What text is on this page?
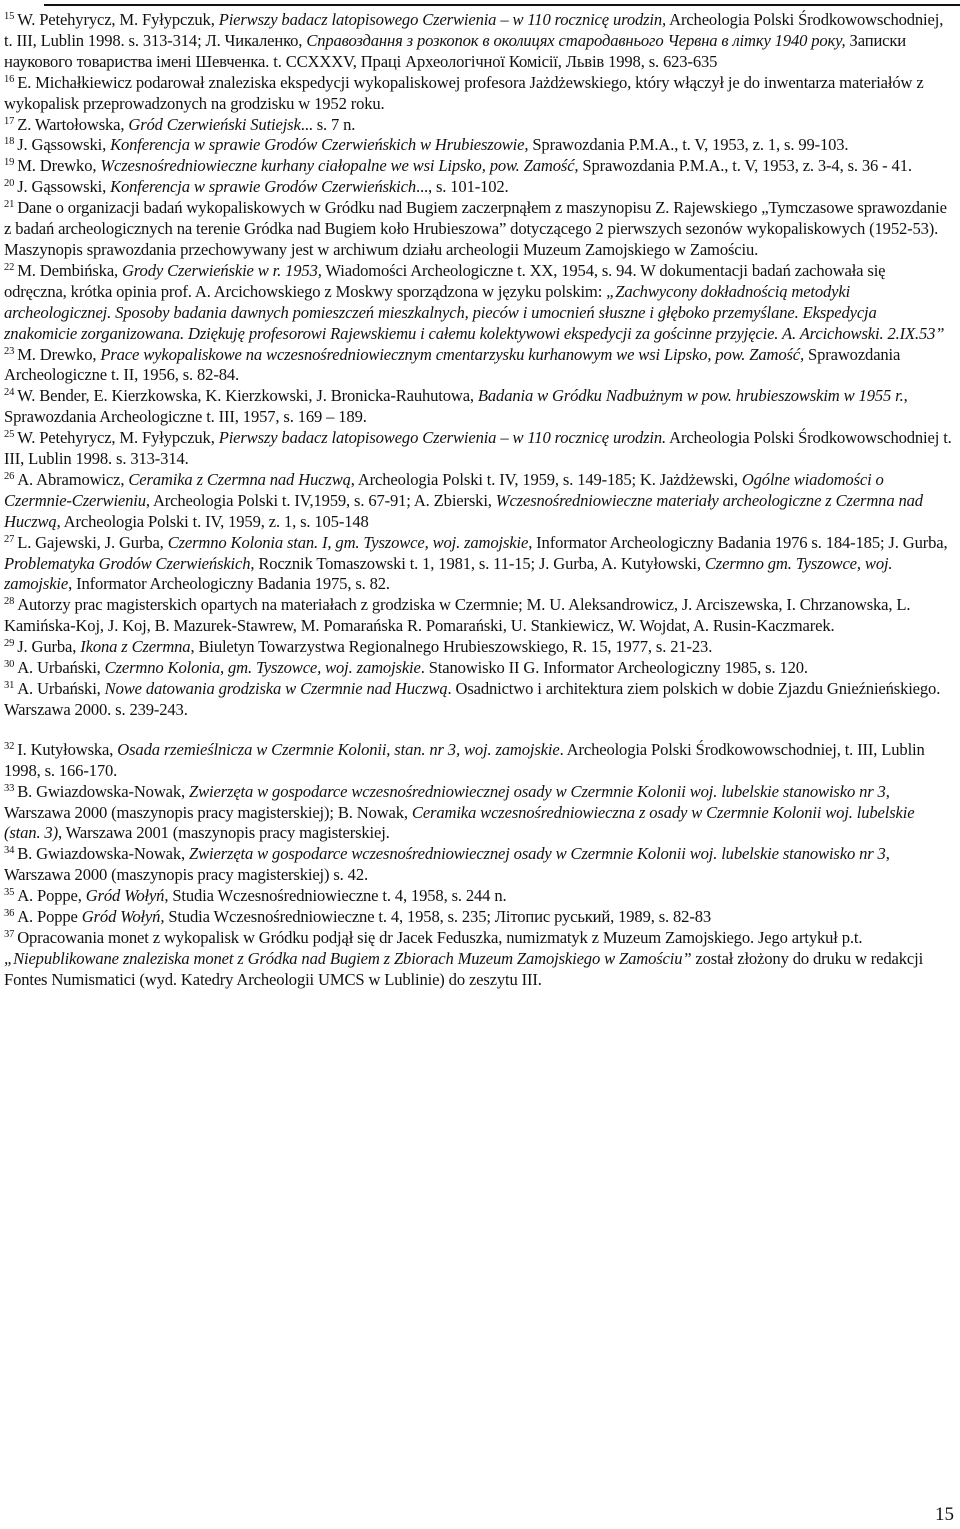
$^{15}$ W. Petehyrycz, M. Fyłypczuk, Pierwszy badacz latopisowego Czerwienia – w 110 rocznicę urodzin, Archeologia Polski Środkowowschodniej, t. III, Lublin 1998. s. 313-314; Л. Чикаленко, Справоздання з розкопок в околицях стародавнього Червна в літку 1940 року, Записки наукового товариства імені Шевченка. t. CCXXXV, Праці Археологічної Комісії, Львів 1998, s. 623-635

$^{16}$ E. Michałkiewicz podarował znaleziska ekspedycji wykopaliskowej profesora Jażdżewskiego, który włączył je do inwentarza materiałów z wykopalisk przeprowadzonych na grodzisku w 1952 roku.

$^{17}$ Z. Wartołowska, Gród Czerwieński Sutiejsk... s. 7 n.

$^{18}$ J. Gąssowski, Konferencja w sprawie Grodów Czerwieńskich w Hrubieszowie, Sprawozdania P.M.A., t. V, 1953, z. 1, s. 99-103.

$^{19}$ M. Drewko, Wczesnośredniowieczne kurhany ciałopalne we wsi Lipsko, pow. Zamość, Sprawozdania P.M.A., t. V, 1953, z. 3-4, s. 36 - 41.

$^{20}$ J. Gąssowski, Konferencja w sprawie Grodów Czerwieńskich..., s. 101-102.

$^{21}$ Dane o organizacji badań wykopaliskowych w Gródku nad Bugiem zaczerpnąłem z maszynopisu Z. Rajewskiego „Tymczasowe sprawozdanie z badań archeologicznych na terenie Gródka nad Bugiem koło Hrubieszowa” dotyczącego 2 pierwszych sezonów wykopaliskowych (1952-53). Maszynopis sprawozdania przechowywany jest w archiwum działu archeologii Muzeum Zamojskiego w Zamościu.

$^{22}$ M. Dembińska, Grody Czerwieńskie w r. 1953, Wiadomości Archeologiczne t. XX, 1954, s. 94. W dokumentacji badań zachowała się odręczna, krótka opinia prof. A. Arcichowskiego z Moskwy sporządzona w języku polskim: „Zachwycony dokładnością metodyki archeologicznej. Sposoby badania dawnych pomieszczeń mieszkalnych, pieców i umocnień słuszne i głęboko przemyślane. Ekspedycja znakomicie zorganizowana. Dziękuję profesorowi Rajewskiemu i całemu kolektywowi ekspedycji za gościnne przyjęcie. A. Arcichowski. 2.IX.53”

$^{23}$ M. Drewko, Prace wykopaliskowe na wczesnośredniowiecznym cmentarzysku kurhanowym we wsi Lipsko, pow. Zamość, Sprawozdania Archeologiczne t. II, 1956, s. 82-84.

$^{24}$ W. Bender, E. Kierzkowska, K. Kierzkowski, J. Bronicka-Rauhutowa, Badania w Gródku Nadbużnym w pow. hrubieszowskim w 1955 r., Sprawozdania Archeologiczne t. III, 1957, s. 169 – 189.

$^{25}$ W. Petehyrycz, M. Fyłypczuk, Pierwszy badacz latopisowego Czerwienia – w 110 rocznicę urodzin. Archeologia Polski Środkowowschodniej t. III, Lublin 1998. s. 313-314.

$^{26}$ A. Abramowicz, Ceramika z Czermna nad Huczwą, Archeologia Polski t. IV, 1959, s. 149-185; K. Jażdżewski, Ogólne wiadomości o Czermnie-Czerwieniu, Archeologia Polski t. IV,1959, s. 67-91; A. Zbierski, Wczesnośredniowieczne materiały archeologiczne z Czermna nad Huczwą, Archeologia Polski t. IV, 1959, z. 1, s. 105-148

$^{27}$ L. Gajewski, J. Gurba, Czermno Kolonia stan. I, gm. Tyszowce, woj. zamojskie, Informator Archeologiczny Badania 1976 s. 184-185; J. Gurba, Problematyka Grodów Czerwieńskich, Rocznik Tomaszowski t. 1, 1981, s. 11-15; J. Gurba, A. Kutyłowski, Czermno gm. Tyszowce, woj. zamojskie, Informator Archeologiczny Badania 1975, s. 82.

$^{28}$ Autorzy prac magisterskich opartych na materiałach z grodziska w Czermnie; M. U. Aleksandrowicz, J. Arciszewska, I. Chrzanowska, L. Kamińska-Koj, J. Koj, B. Mazurek-Stawrew, M. Pomarańska R. Pomarański, U. Stankiewicz, W. Wojdat, A. Rusin-Kaczmarek.

$^{29}$ J. Gurba, Ikona z Czermna, Biuletyn Towarzystwa Regionalnego Hrubieszowskiego, R. 15, 1977, s. 21-23.

$^{30}$ A. Urbański, Czermno Kolonia, gm. Tyszowce, woj. zamojskie. Stanowisko II G. Informator Archeologiczny 1985, s. 120.

$^{31}$ A. Urbański, Nowe datowania grodziska w Czermnie nad Huczwą. Osadnictwo i architektura ziem polskich w dobie Zjazdu Gnieźnieńskiego. Warszawa 2000. s. 239-243.

$^{32}$ I. Kutyłowska, Osada rzemieślnicza w Czermnie Kolonii, stan. nr 3, woj. zamojskie. Archeologia Polski Środkowowschodniej, t. III, Lublin 1998, s. 166-170.

$^{33}$ B. Gwiazdowska-Nowak, Zwierzęta w gospodarce wczesnośredniowiecznej osady w Czermnie Kolonii woj. lubelskie stanowisko nr 3, Warszawa 2000 (maszynopis pracy magisterskiej); B. Nowak, Ceramika wczesnośredniowieczna z osady w Czermnie Kolonii woj. lubelskie (stan. 3), Warszawa 2001 (maszynopis pracy magisterskiej.

$^{34}$ B. Gwiazdowska-Nowak, Zwierzęta w gospodarce wczesnośredniowiecznej osady w Czermnie Kolonii woj. lubelskie stanowisko nr 3, Warszawa 2000 (maszynopis pracy magisterskiej) s. 42.

$^{35}$ A. Poppe, Gród Wołyń, Studia Wczesnośredniowieczne t. 4, 1958, s. 244 n.

$^{36}$ A. Poppe Gród Wołyń, Studia Wczesnośredniowieczne t. 4, 1958, s. 235; Літопис руський, 1989, s. 82-83

$^{37}$ Opracowania monet z wykopalisk w Gródku podjął się dr Jacek Feduszka, numizmatyk z Muzeum Zamojskiego. Jego artykuł p.t. „Niepublikowane znaleziska monet z Gródka nad Bugiem z Zbiorach Muzeum Zamojskiego w Zamościu” został złożony do druku w redakcji Fontes Numismatici (wyd. Katedry Archeologii UMCS w Lublinie) do zeszytu III.

15
